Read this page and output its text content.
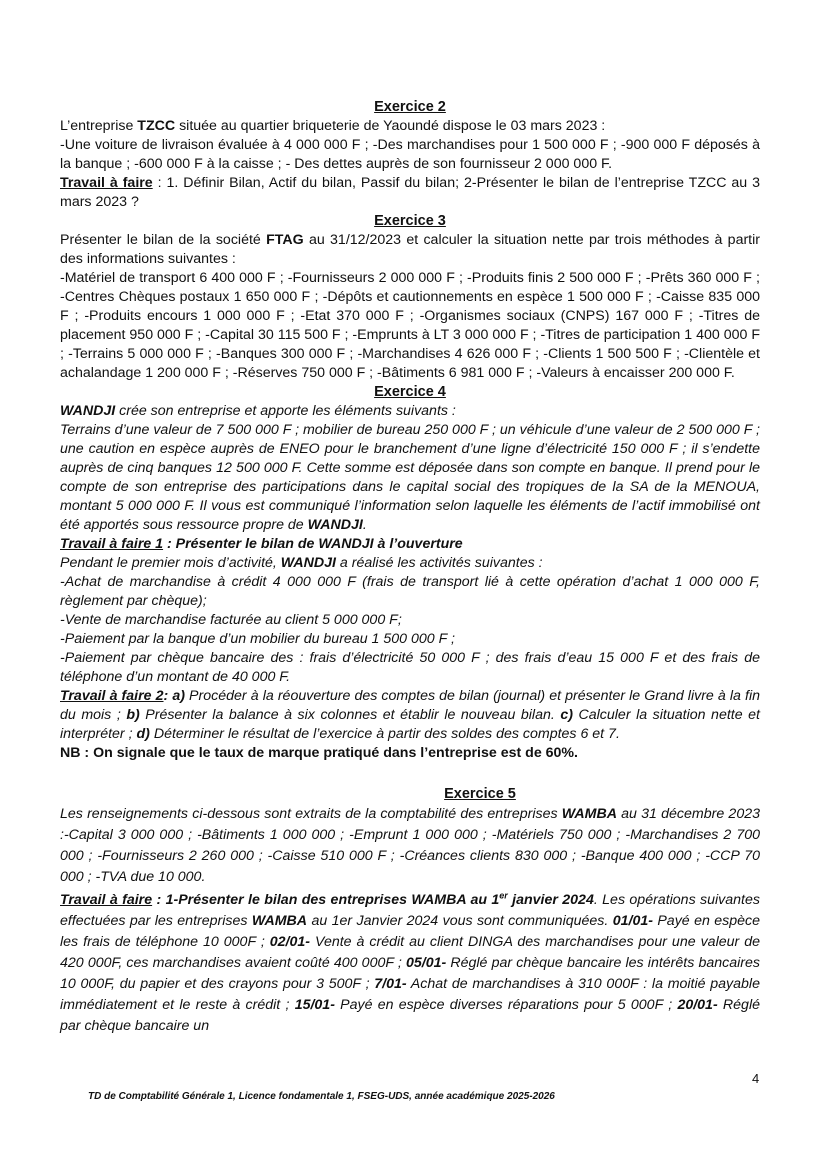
Exercice 2

L’entreprise TZCC située au quartier briqueterie de Yaoundé dispose le 03 mars 2023 :

-Une voiture de livraison évaluée à 4 000 000 F ; -Des marchandises pour 1 500 000 F ; -900 000 F déposés à la banque ; -600 000 F à la caisse ; - Des dettes auprès de son fournisseur 2 000 000 F.

Travail à faire : 1. Définir Bilan, Actif du bilan, Passif du bilan; 2-Présenter le bilan de l’entreprise TZCC au 3 mars 2023 ?

Exercice 3

Présenter le bilan de la société FTAG au 31/12/2023 et calculer la situation nette par trois méthodes à partir des informations suivantes :

-Matériel de transport 6 400 000 F ; -Fournisseurs 2 000 000 F ; -Produits finis 2 500 000 F ; -Prêts 360 000 F ; -Centres Chèques postaux 1 650 000 F ; -Dépôts et cautionnements en espèce 1 500 000 F ; -Caisse 835 000 F ; -Produits encours 1 000 000 F ; -Etat 370 000 F ; -Organismes sociaux (CNPS) 167 000 F ; -Titres de placement 950 000 F ; -Capital 30 115 500 F ; -Emprunts à LT 3 000 000 F ; -Titres de participation 1 400 000 F ; -Terrains 5 000 000 F ; -Banques 300 000 F ; -Marchandises 4 626 000 F ; -Clients 1 500 500 F ; -Clientèle et achalandage 1 200 000 F ; -Réserves 750 000 F ; -Bâtiments 6 981 000 F ; -Valeurs à encaisser 200 000 F.

Exercice 4

WANDJI crée son entreprise et apporte les éléments suivants :

Terrains d’une valeur de 7 500 000 F ; mobilier de bureau 250 000 F ; un véhicule d’une valeur de 2 500 000 F ; une caution en espèce auprès de ENEO pour le branchement d’une ligne d’électricité 150 000 F ; il s’endette auprès de cinq banques 12 500 000 F. Cette somme est déposée dans son compte en banque. Il prend pour le compte de son entreprise des participations dans le capital social des tropiques de la SA de la MENOUA, montant 5 000 000 F. Il vous est communiqué l’information selon laquelle les éléments de l’actif immobilisé ont été apportés sous ressource propre de WANDJI.

Travail à faire 1 : Présenter le bilan de WANDJI à l’ouverture

Pendant le premier mois d’activité, WANDJI a réalisé les activités suivantes :

-Achat de marchandise à crédit 4 000 000 F (frais de transport lié à cette opération d’achat 1 000 000 F, règlement par chèque);

-Vente de marchandise facturée au client 5 000 000 F;

-Paiement par la banque d’un mobilier du bureau 1 500 000 F ;

-Paiement par chèque bancaire des : frais d’électricité 50 000 F ; des frais d’eau 15 000 F et des frais de téléphone d’un montant de 40 000 F.

Travail à faire 2: a) Procéder à la réouverture des comptes de bilan (journal) et présenter le Grand livre à la fin du mois ; b) Présenter la balance à six colonnes et établir le nouveau bilan. c) Calculer la situation nette et interpréter ; d) Déterminer le résultat de l’exercice à partir des soldes des comptes 6 et 7.

NB : On signale que le taux de marque pratiqué dans l’entreprise est de 60%.

Exercice 5

Les renseignements ci-dessous sont extraits de la comptabilité des entreprises WAMBA au 31 décembre 2023 :-Capital 3 000 000 ; -Bâtiments 1 000 000 ; -Emprunt 1 000 000 ; -Matériels 750 000 ; -Marchandises 2 700 000 ; -Fournisseurs 2 260 000 ; -Caisse 510 000 F ; -Créances clients 830 000 ; -Banque 400 000 ; -CCP 70 000 ; -TVA due 10 000.

Travail à faire : 1-Présenter le bilan des entreprises WAMBA au 1er janvier 2024. Les opérations suivantes effectuées par les entreprises WAMBA au 1er Janvier 2024 vous sont communiquées. 01/01- Payé en espèce les frais de téléphone 10 000F ; 02/01- Vente à crédit au client DINGA des marchandises pour une valeur de 420 000F, ces marchandises avaient coûté 400 000F ; 05/01- Réglé par chèque bancaire les intérêts bancaires 10 000F, du papier et des crayons pour 3 500F ; 7/01- Achat de marchandises à 310 000F : la moitié payable immédiatement et le reste à crédit ; 15/01- Payé en espèce diverses réparations pour 5 000F ; 20/01- Réglé par chèque bancaire un

4
TD de Comptabilité Générale 1, Licence fondamentale 1, FSEG-UDS, année académique 2025-2026
